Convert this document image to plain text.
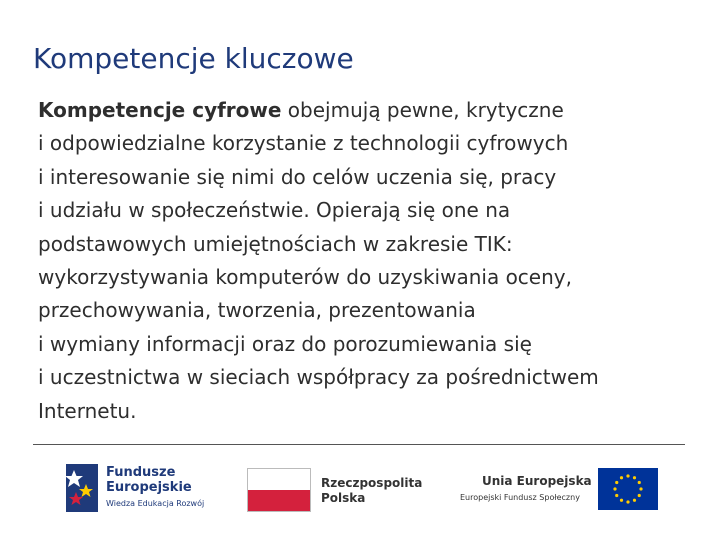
Kompetencje kluczowe
Kompetencje cyfrowe obejmują pewne, krytyczne
i odpowiedzialne korzystanie z technologii cyfrowych
i interesowanie się nimi do celów uczenia się, pracy
i udziału w społeczeństwie. Opierają się one na
podstawowych umiejętnościach w zakresie TIK:
wykorzystywania komputerów do uzyskiwania oceny,
przechowywania, tworzenia, prezentowania
i wymiany informacji oraz do porozumiewania się
i uczestnictwa w sieciach współpracy za pośrednictwem
Internetu.
Fundusze
Europejskie
Wiedza Edukacja Rozwój
Rzeczpospolita
Polska
Unia Europejska
Europejski Fundusz Społeczny
